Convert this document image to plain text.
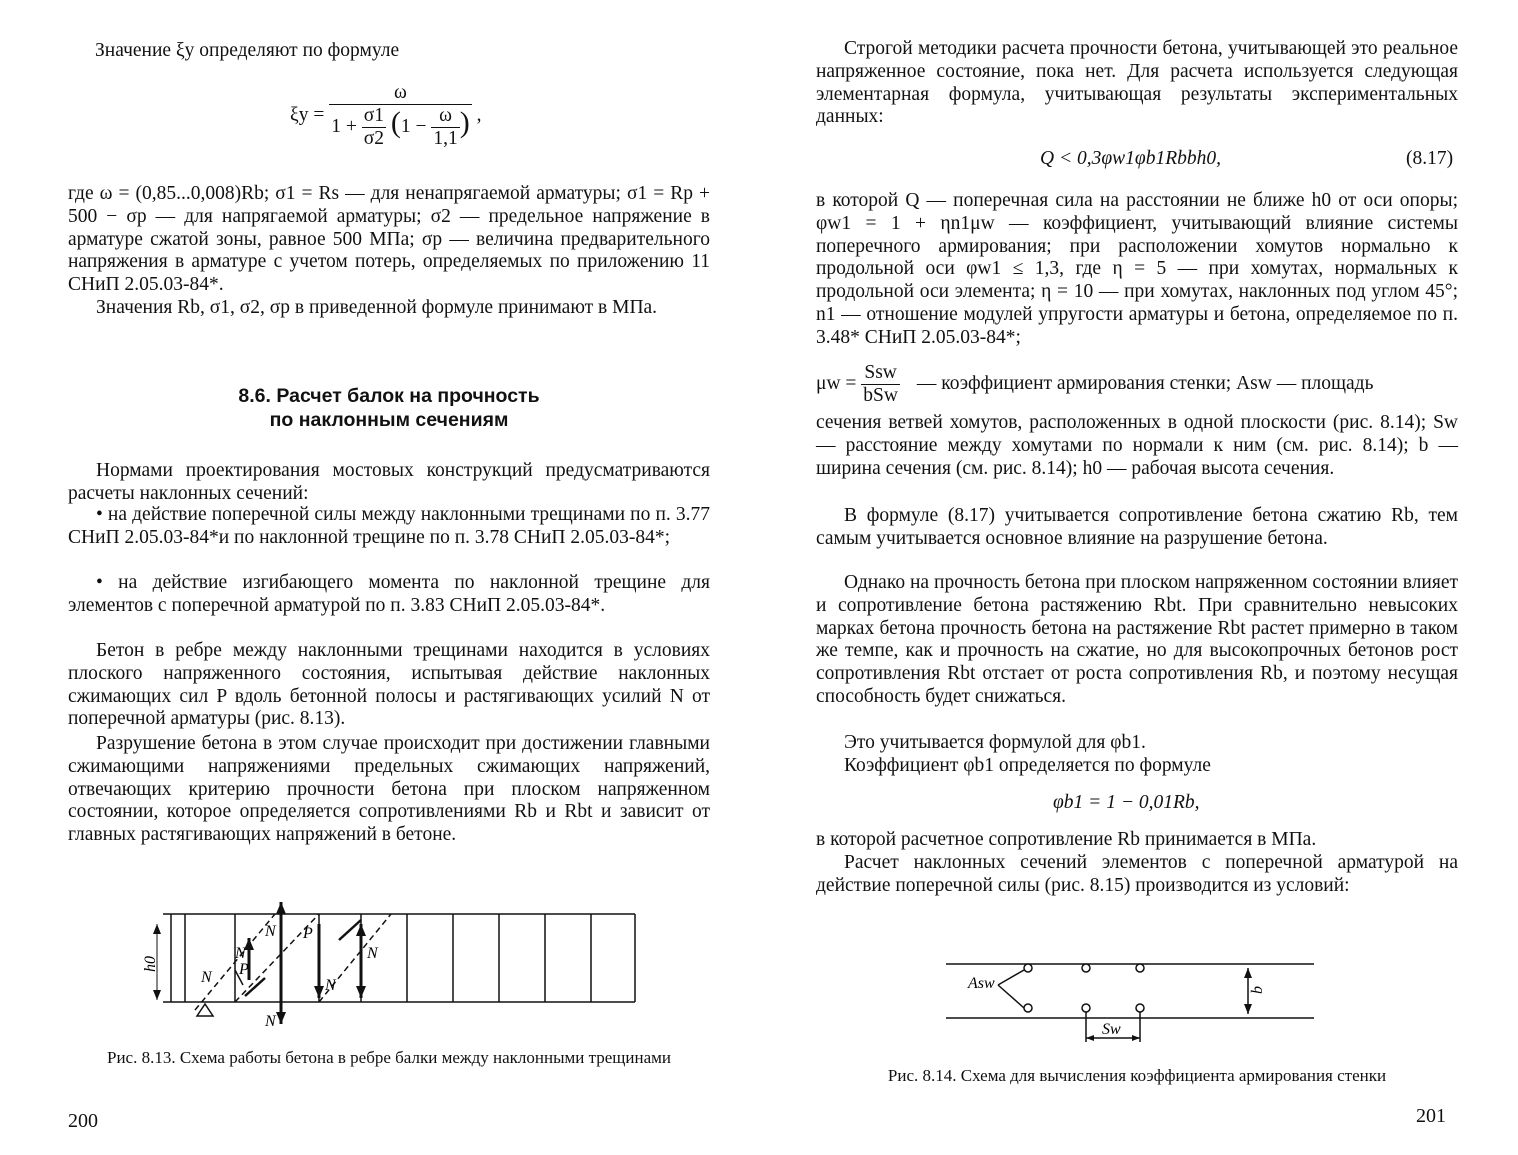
Значение ξy определяют по формуле
ξy =
ω
$1 + \frac{\sigma 1}{\sigma 2} (1 - \frac{\omega}{1,1}$ ) ,
где ω = (0,85...0,008)Rb; σ1 = Rs — для ненапрягаемой арматуры; σ1 = Rp + 500 − σp — для напрягаемой арматуры; σ2 — предельное напряжение в арматуре сжатой зоны, равное 500 МПа; σp — величина предварительного напряжения в арматуре с учетом потерь, определяемых по приложению 11 СНиП 2.05.03-84*.
Значения Rb, σ1, σ2, σp в приведенной формуле принимают в МПа.
8.6. Расчет балок на прочность
по наклонным сечениям
Нормами проектирования мостовых конструкций предусматриваются расчеты наклонных сечений:
• на действие поперечной силы между наклонными трещинами по п. 3.77 СНиП 2.05.03-84*и по наклонной трещине по п. 3.78 СНиП 2.05.03-84*;
• на действие изгибающего момента по наклонной трещине для элементов с поперечной арматурой по п. 3.83 СНиП 2.05.03-84*.
Бетон в ребре между наклонными трещинами находится в условиях плоского напряженного состояния, испытывая действие наклонных сжимающих сил P вдоль бетонной полосы и растягивающих усилий N от поперечной арматуры (рис. 8.13).
Разрушение бетона в этом случае происходит при достижении главными сжимающими напряжениями предельных сжимающих напряжений, отвечающих критерию прочности бетона при плоском напряженном состоянии, которое определяется сопротивлениями Rb и Rbt и зависит от главных растягивающих напряжений в бетоне.
h0
N
N
N
N
N
N
P
P
Рис. 8.13. Схема работы бетона в ребре балки между наклонными трещинами
200
Строгой методики расчета прочности бетона, учитывающей это реальное напряженное состояние, пока нет. Для расчета используется следующая элементарная формула, учитывающая результаты экспериментальных данных:
Q < 0,3φw1φb1Rbbh0,	(8.17)
в которой Q — поперечная сила на расстоянии не ближе h0 от оси опоры; φw1 = 1 + ηn1μw — коэффициент, учитывающий влияние системы поперечного армирования; при расположении хомутов нормально к продольной оси φw1 ≤ 1,3, где η = 5 — при хомутах, нормальных к продольной оси элемента; η = 10 — при хомутах, наклонных под углом 45°; n1 — отношение модулей упругости арматуры и бетона, определяемое по п. 3.48* СНиП 2.05.03-84*;
$\mu w = \frac{\text{Ssw}}{\text{bSw}}$ — коэффициент армирования стенки; Asw — площадь
сечения ветвей хомутов, расположенных в одной плоскости (рис. 8.14); Sw — расстояние между хомутами по нормали к ним (см. рис. 8.14); b — ширина сечения (см. рис. 8.14); h0 — рабочая высота сечения.
В формуле (8.17) учитывается сопротивление бетона сжатию Rb, тем самым учитывается основное влияние на разрушение бетона.
Однако на прочность бетона при плоском напряженном состоянии влияет и сопротивление бетона растяжению Rbt. При сравнительно невысоких марках бетона прочность бетона на растяжение Rbt растет примерно в таком же темпе, как и прочность на сжатие, но для высокопрочных бетонов рост сопротивления Rbt отстает от роста сопротивления Rb, и поэтому несущая способность будет снижаться.
Это учитывается формулой для φb1.
Коэффициент φb1 определяется по формуле
φb1 = 1 − 0,01Rb,
в которой расчетное сопротивление Rb принимается в МПа.
Расчет наклонных сечений элементов с поперечной арматурой на действие поперечной силы (рис. 8.15) производится из условий:
Asw	b
Sw
Рис. 8.14. Схема для вычисления коэффициента армирования стенки
201
